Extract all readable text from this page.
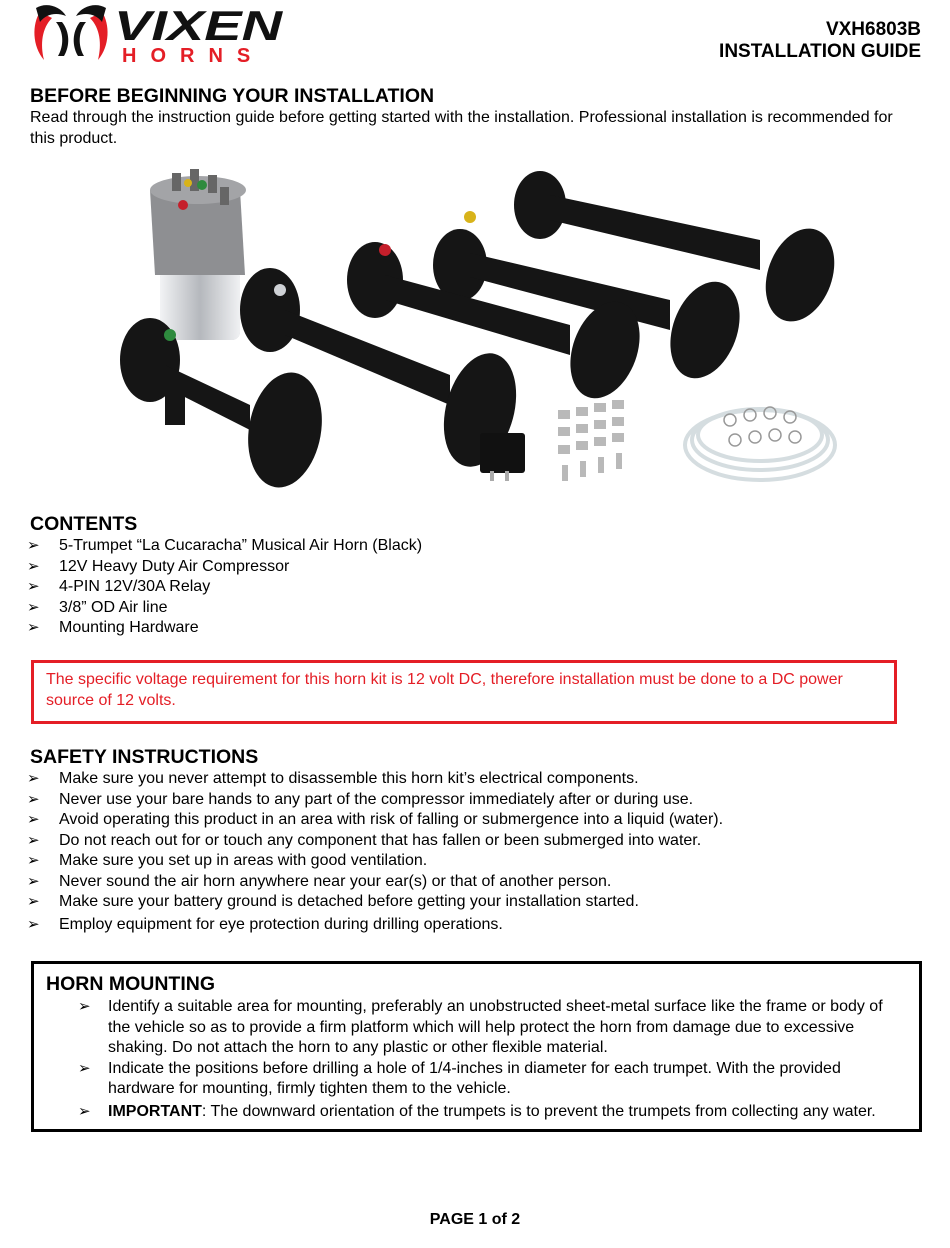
VIXEN
HORNS
VXH6803B
INSTALLATION GUIDE
BEFORE BEGINNING YOUR INSTALLATION

Read through the instruction guide before getting started with the installation. Professional installation is recommended for this product.

CONTENTS
➢ 5-Trumpet “La Cucaracha” Musical Air Horn (Black)
➢ 12V Heavy Duty Air Compressor
➢ 4-PIN 12V/30A Relay
➢ 3/8” OD Air line
➢ Mounting Hardware
The specific voltage requirement for this horn kit is 12 volt DC, therefore installation must be done to a DC power source of 12 volts.
SAFETY INSTRUCTIONS
➢ Make sure you never attempt to disassemble this horn kit’s electrical components.
➢ Never use your bare hands to any part of the compressor immediately after or during use.
➢ Avoid operating this product in an area with risk of falling or submergence into a liquid (water).
➢ Do not reach out for or touch any component that has fallen or been submerged into water.
➢ Make sure you set up in areas with good ventilation.
➢ Never sound the air horn anywhere near your ear(s) or that of another person.
➢ Make sure your battery ground is detached before getting your installation started.
➢ Employ equipment for eye protection during drilling operations.
HORN MOUNTING
➢ Identify a suitable area for mounting, preferably an unobstructed sheet-metal surface like the frame or body of the vehicle so as to provide a firm platform which will help protect the horn from damage due to excessive shaking. Do not attach the horn to any plastic or other flexible material.
➢ Indicate the positions before drilling a hole of 1/4-inches in diameter for each trumpet. With the provided hardware for mounting, firmly tighten them to the vehicle.
➢ IMPORTANT: The downward orientation of the trumpets is to prevent the trumpets from collecting any water.
PAGE 1 of 2
